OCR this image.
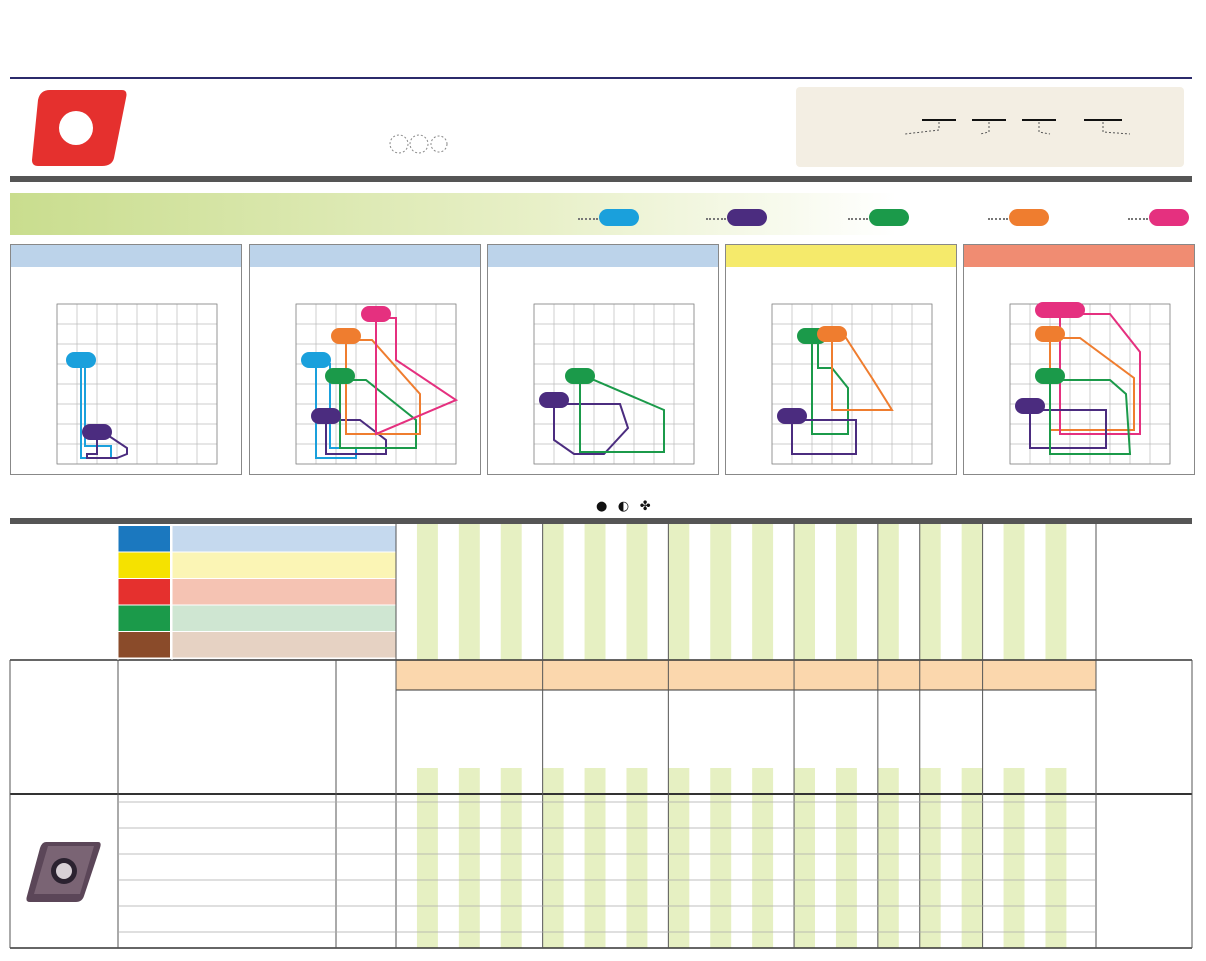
● ◐ ✤
